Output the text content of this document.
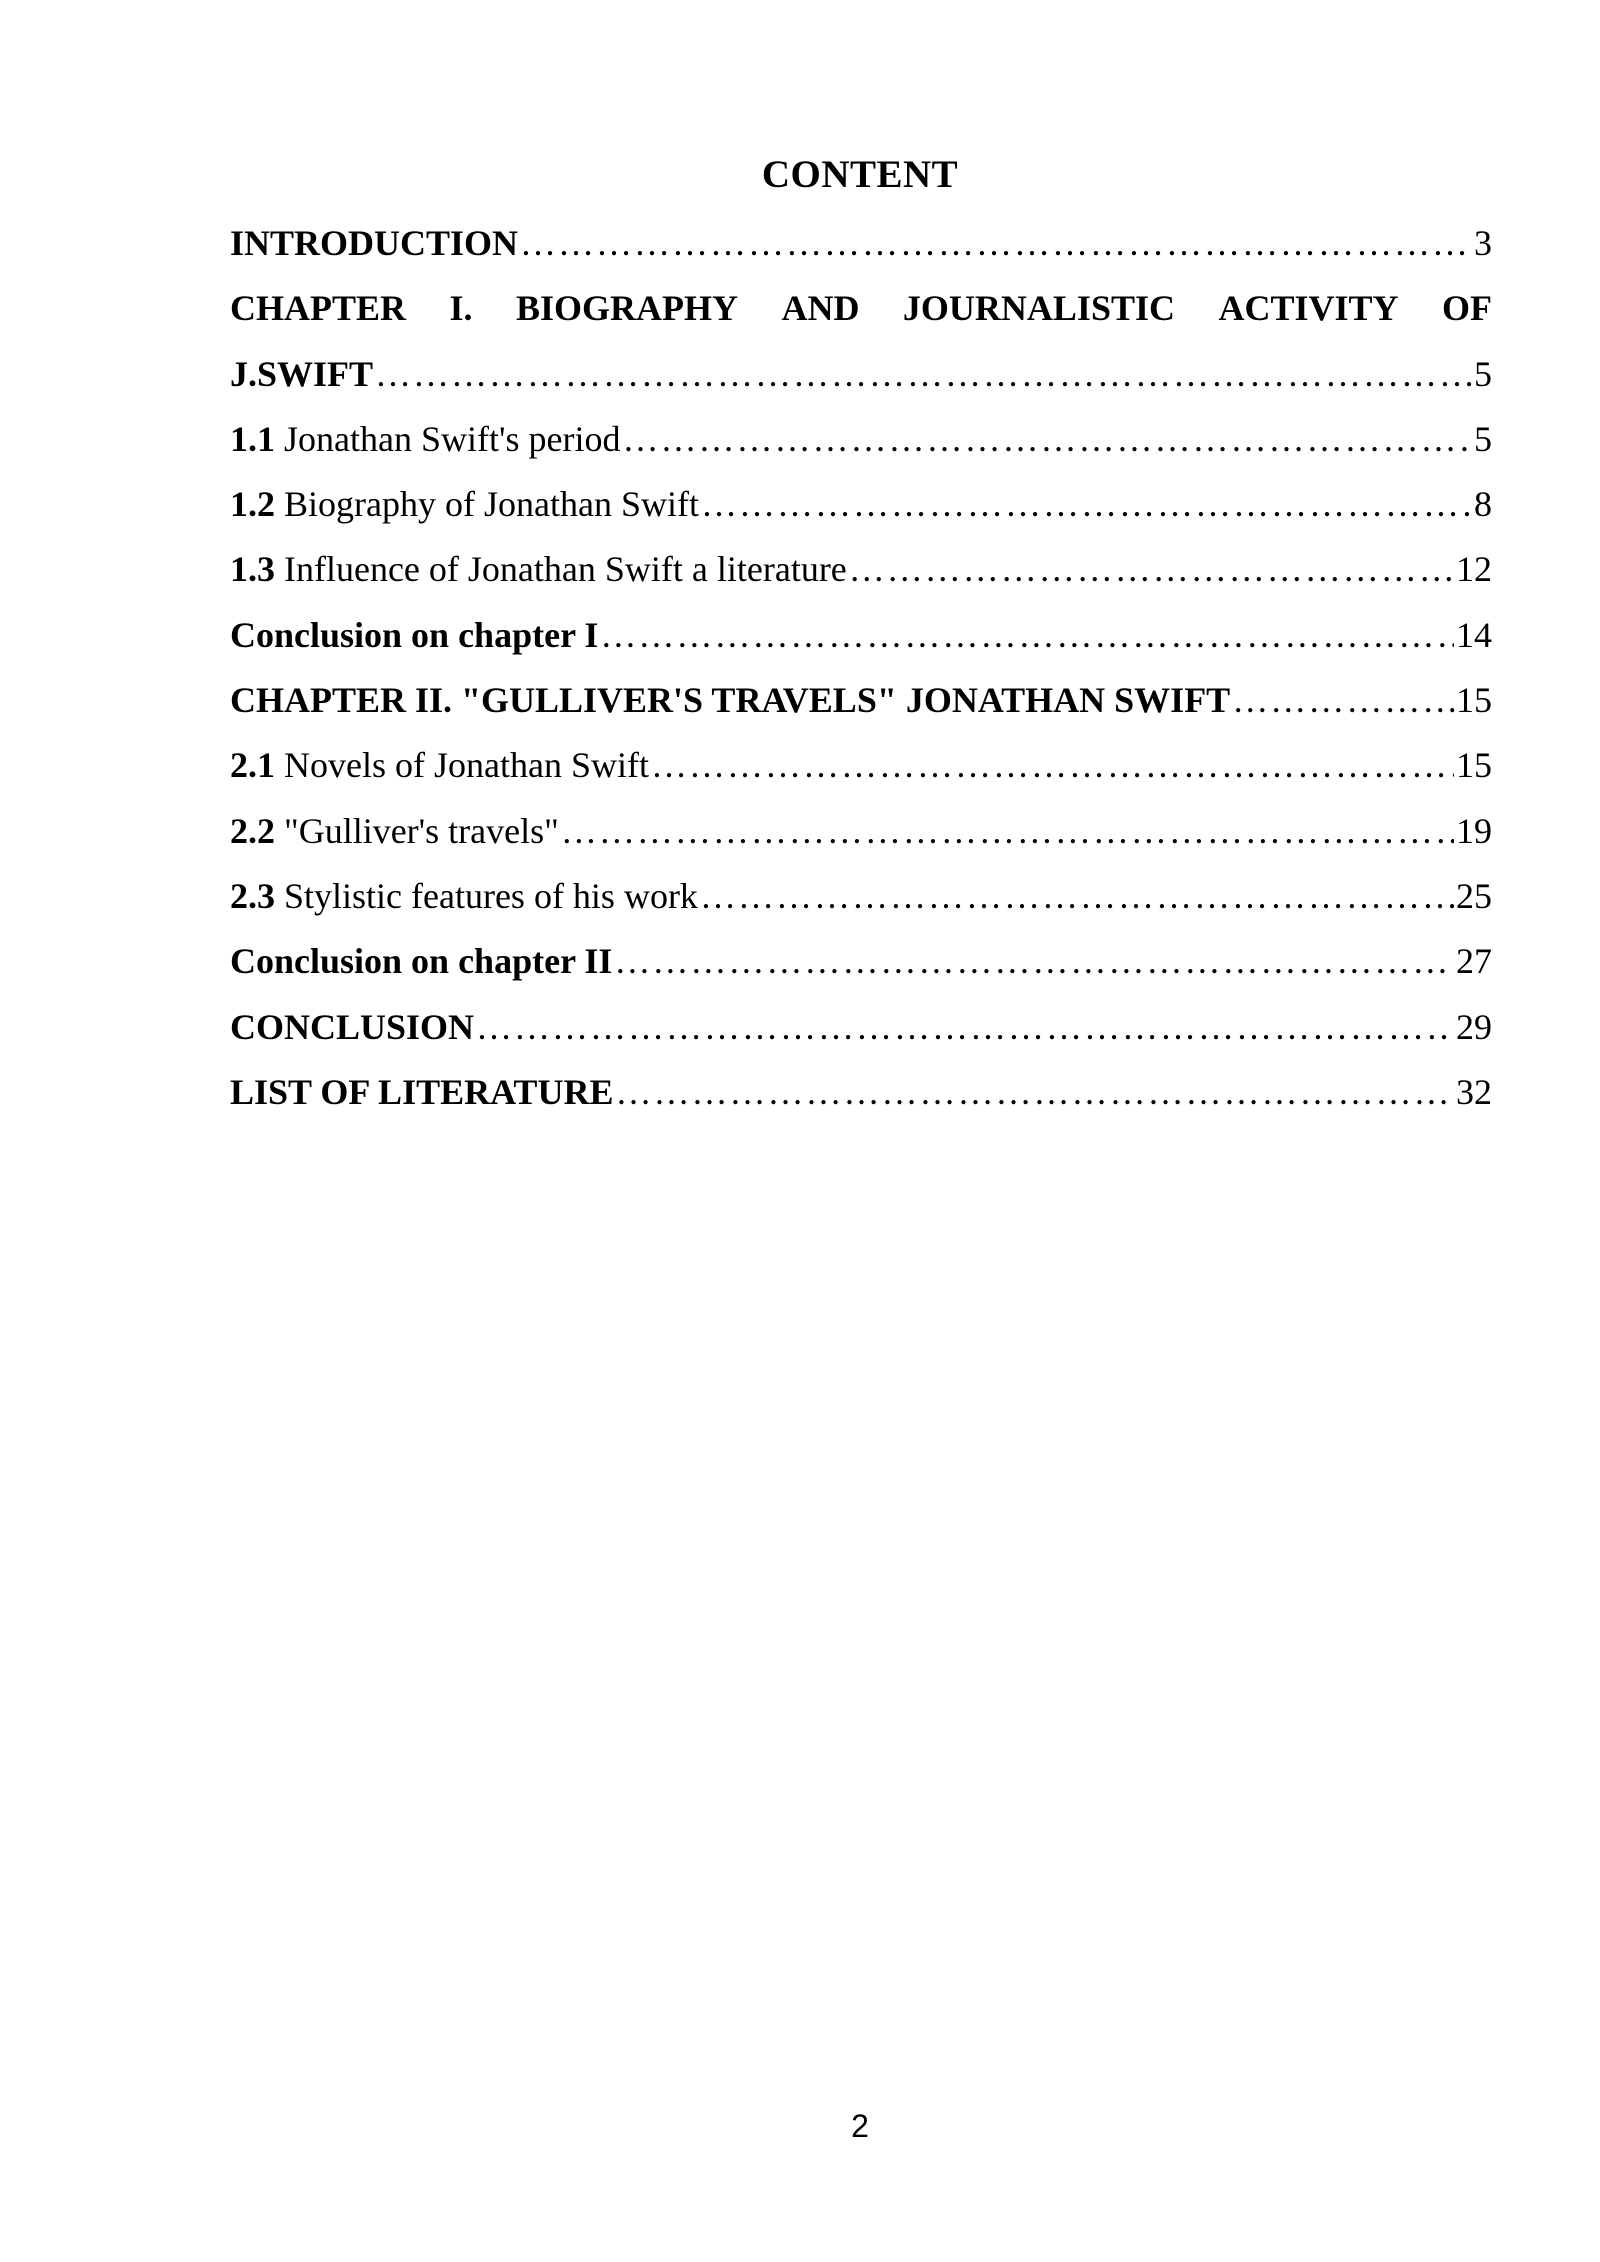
CONTENT
INTRODUCTION ………………………………………………………………………………………………………………………………………………………………………………………………………………	3
CHAPTER I. BIOGRAPHY AND JOURNALISTIC ACTIVITY OF
J.SWIFT ………………………………………………………………………………………………………………………………………………………………………………………………………………	5
1.1 Jonathan Swift's period ………………………………………………………………………………………………………………………………………………………………………………………………………………	5
1.2 Biography of Jonathan Swift ………………………………………………………………………………………………………………………………………………………………………………………………………………	8
1.3 Influence of Jonathan Swift a literature ………………………………………………………………………………………………………………………………………………………………………………………………………………	12
Conclusion on chapter I ………………………………………………………………………………………………………………………………………………………………………………………………………………	14
CHAPTER II. "GULLIVER'S TRAVELS" JONATHAN SWIFT ………………………………………………………………………………………………………………………………………………………………………………………………………………	15
2.1 Novels of Jonathan Swift ………………………………………………………………………………………………………………………………………………………………………………………………………………	15
2.2 "Gulliver's travels" ………………………………………………………………………………………………………………………………………………………………………………………………………………	19
2.3 Stylistic features of his work ………………………………………………………………………………………………………………………………………………………………………………………………………………	25
Conclusion on chapter II ………………………………………………………………………………………………………………………………………………………………………………………………………………	27
CONCLUSION ………………………………………………………………………………………………………………………………………………………………………………………………………………	29
LIST OF LITERATURE ………………………………………………………………………………………………………………………………………………………………………………………………………………	32
2
